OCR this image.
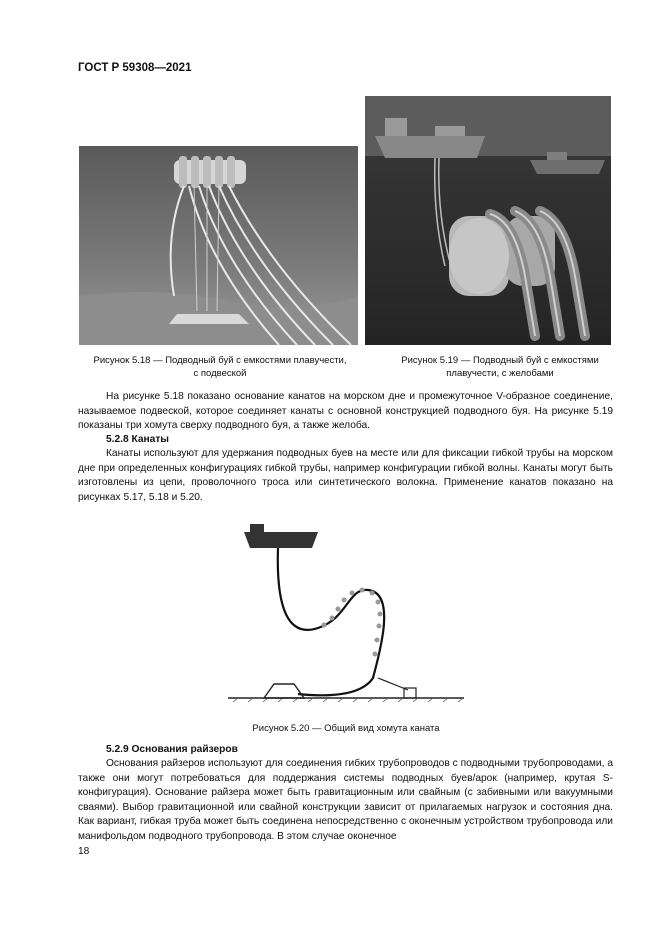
ГОСТ Р 59308—2021
Рисунок 5.18 — Подводный буй с емкостями плавучести,
с подвеской
Рисунок 5.19 — Подводный буй с емкостями
плавучести, с желобами
На рисунке 5.18 показано основание канатов на морском дне и промежуточное V-образное соединение, называемое подвеской, которое соединяет канаты с основной конструкцией подводного буя. На рисунке 5.19 показаны три хомута сверху подводного буя, а также желоба.
5.2.8 Канаты
Канаты используют для удержания подводных буев на месте или для фиксации гибкой трубы на морском дне при определенных конфигурациях гибкой трубы, например конфигурации гибкой волны. Канаты могут быть изготовлены из цепи, проволочного троса или синтетического волокна. Применение канатов показано на рисунках 5.17, 5.18 и 5.20.
Рисунок 5.20 — Общий вид хомута каната
5.2.9 Основания райзеров
Основания райзеров используют для соединения гибких трубопроводов с подводными трубопроводами, а также они могут потребоваться для поддержания системы подводных буев/арок (например, крутая S-конфигурация). Основание райзера может быть гравитационным или свайным (с забивными или вакуумными сваями). Выбор гравитационной или свайной конструкции зависит от прилагаемых нагрузок и состояния дна. Как вариант, гибкая труба может быть соединена непосредственно с оконечным устройством трубопровода или манифольдом подводного трубопровода. В этом случае оконечное
18
